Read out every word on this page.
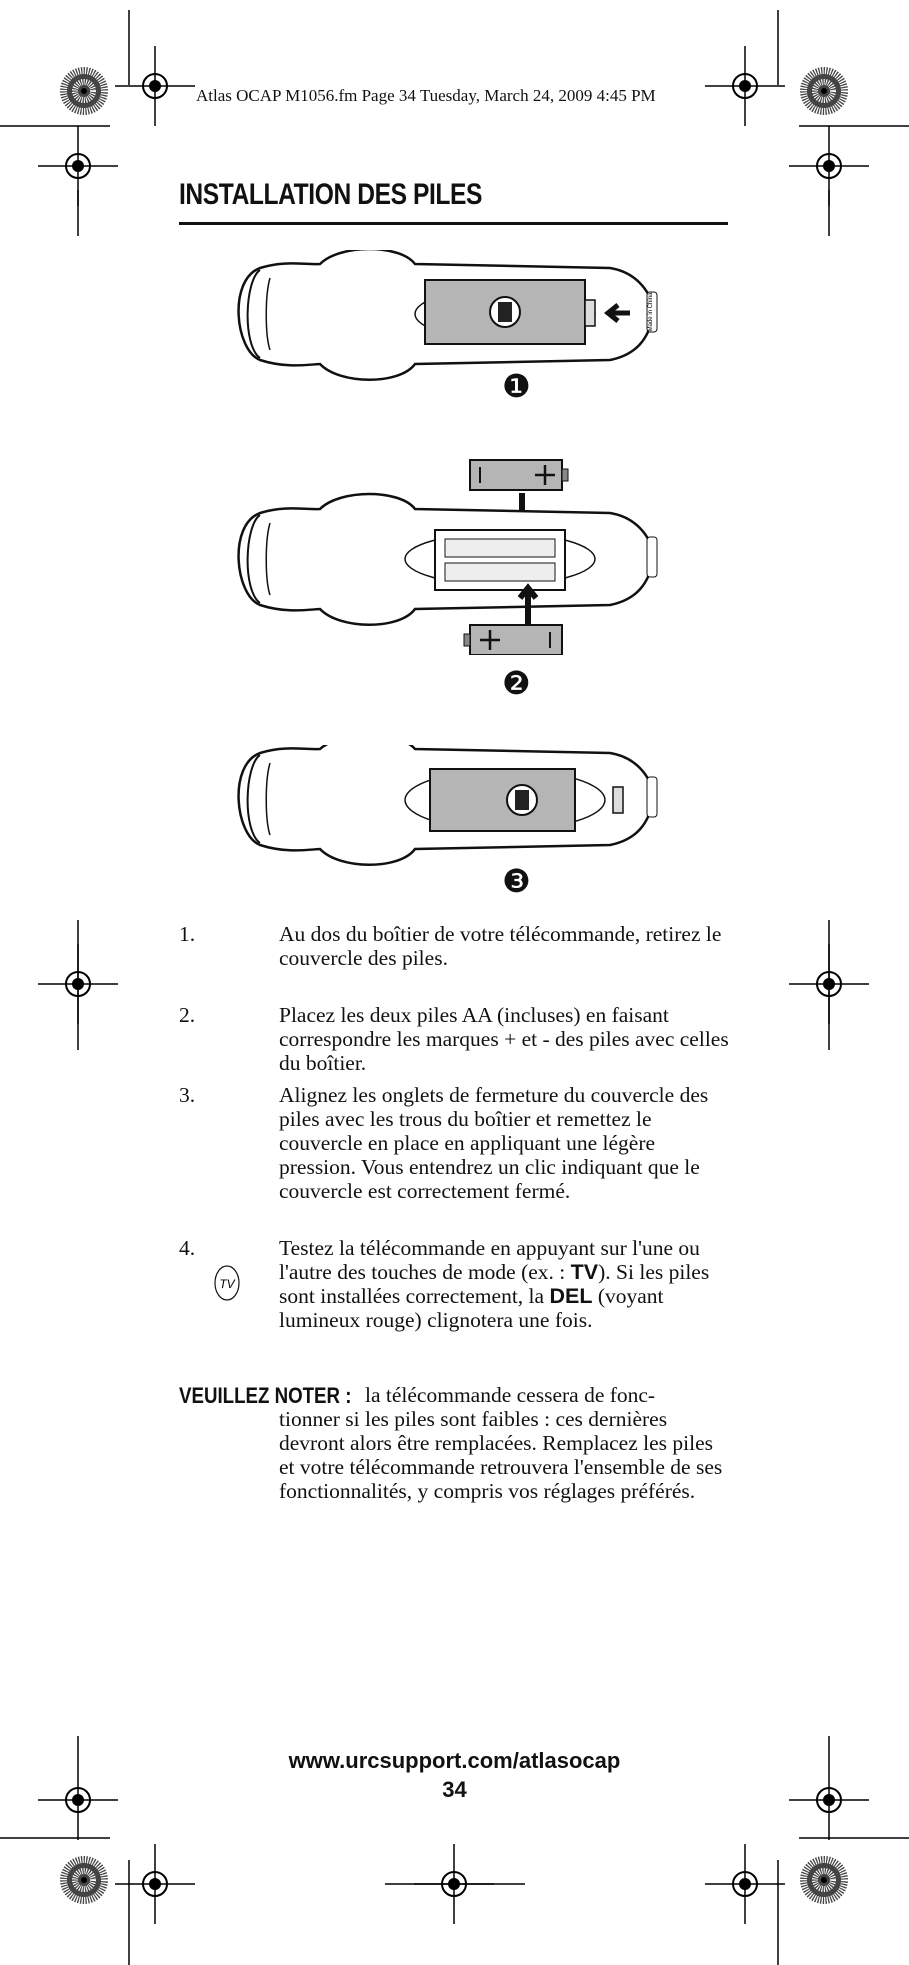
Atlas OCAP M1056.fm Page 34 Tuesday, March 24, 2009 4:45 PM
INSTALLATION DES PILES
Made in China
❶
❷
❸
1.	Au dos du boîtier de votre télécommande, retirez le couvercle des piles.
2.	Placez les deux piles AA (incluses) en faisant correspondre les marques + et - des piles avec celles du boîtier.
3.	Alignez les onglets de fermeture du couvercle des piles avec les trous du boîtier et remettez le couvercle en place en appliquant une légère pression. Vous entendrez un clic indiquant que le couvercle est correctement fermé.
4.	Testez la télécommande en appuyant sur l'une ou l'autre des touches de mode (ex. : TV). Si les piles sont installées correctement, la DEL (voyant lumineux rouge) clignotera une fois.
TV
VEUILLEZ NOTER : la télécommande cessera de fonc-
tionner si les piles sont faibles : ces dernières devront alors être remplacées. Remplacez les piles et votre télécommande retrouvera l'ensemble de ses fonctionnalités, y compris vos réglages préférés.
www.urcsupport.com/atlasocap
34
